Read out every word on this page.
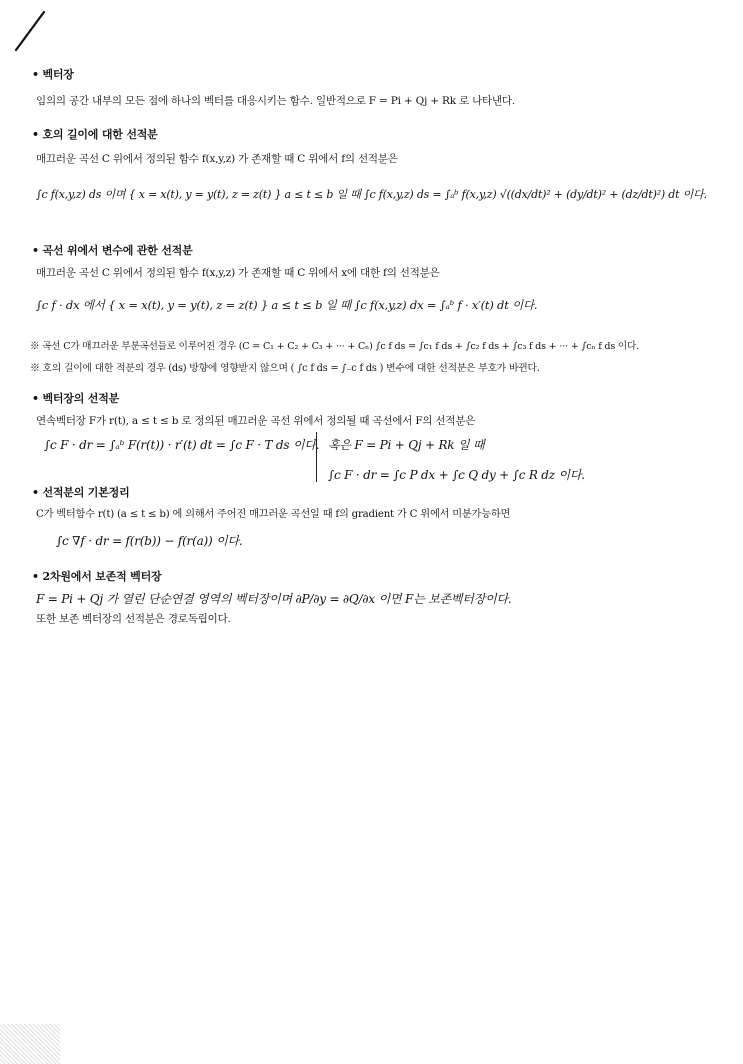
• 벡터장
임의의 공간 내부의 모든 점에 하나의 벡터를 대응시키는 함수. 일반적으로 F = Pi + Qj + Rk 로 나타낸다.
• 호의 길이에 대한 선적분
매끄러운 곡선 C 위에서 정의된 함수 f(x,y,z) 가 존재할 때 C 위에서 f의 선적분은
∫c f(x,y,z) ds 이며 { x = x(t), y = y(t), z = z(t) } a ≤ t ≤ b 일 때 ∫c f(x,y,z) ds = ∫ₐᵇ f(x,y,z) √((dx/dt)² + (dy/dt)² + (dz/dt)²) dt 이다.
• 곡선 위에서 변수에 관한 선적분
매끄러운 곡선 C 위에서 정의된 함수 f(x,y,z) 가 존재할 때 C 위에서 x에 대한 f의 선적분은
∫c f · dx 에서 { x = x(t), y = y(t), z = z(t) } a ≤ t ≤ b 일 때 ∫c f(x,y,z) dx = ∫ₐᵇ f · x′(t) dt 이다.
※ 곡선 C가 매끄러운 부분곡선들로 이루어진 경우 (C = C₁ + C₂ + C₃ + ··· + Cₙ) ∫c f ds = ∫c₁ f ds + ∫c₂ f ds + ∫c₃ f ds + ··· + ∫cₙ f ds 이다.
※ 호의 길이에 대한 적분의 경우 (ds) 방향에 영향받지 않으며 ( ∫c f ds = ∫₋c f ds ) 변수에 대한 선적분은 부호가 바뀐다.
• 벡터장의 선적분
연속벡터장 F가 r(t), a ≤ t ≤ b 로 정의된 매끄러운 곡선 위에서 정의될 때 곡선에서 F의 선적분은
∫c F · dr = ∫ₐᵇ F(r(t)) · r′(t) dt = ∫c F · T ds 이다. 혹은 F = Pi + Qj + Rk 일 때
∫c F · dr = ∫c P dx + ∫c Q dy + ∫c R dz 이다.
• 선적분의 기본정리
C가 벡터함수 r(t) (a ≤ t ≤ b) 에 의해서 주어진 매끄러운 곡선일 때 f의 gradient 가 C 위에서 미분가능하면
∫c ∇f · dr = f(r(b)) − f(r(a)) 이다.
• 2차원에서 보존적 벡터장
F = Pi + Qj 가 열린 단순연결 영역의 벡터장이며 ∂P/∂y = ∂Q/∂x 이면 F는 보존벡터장이다.
또한 보존 벡터장의 선적분은 경로독립이다.
